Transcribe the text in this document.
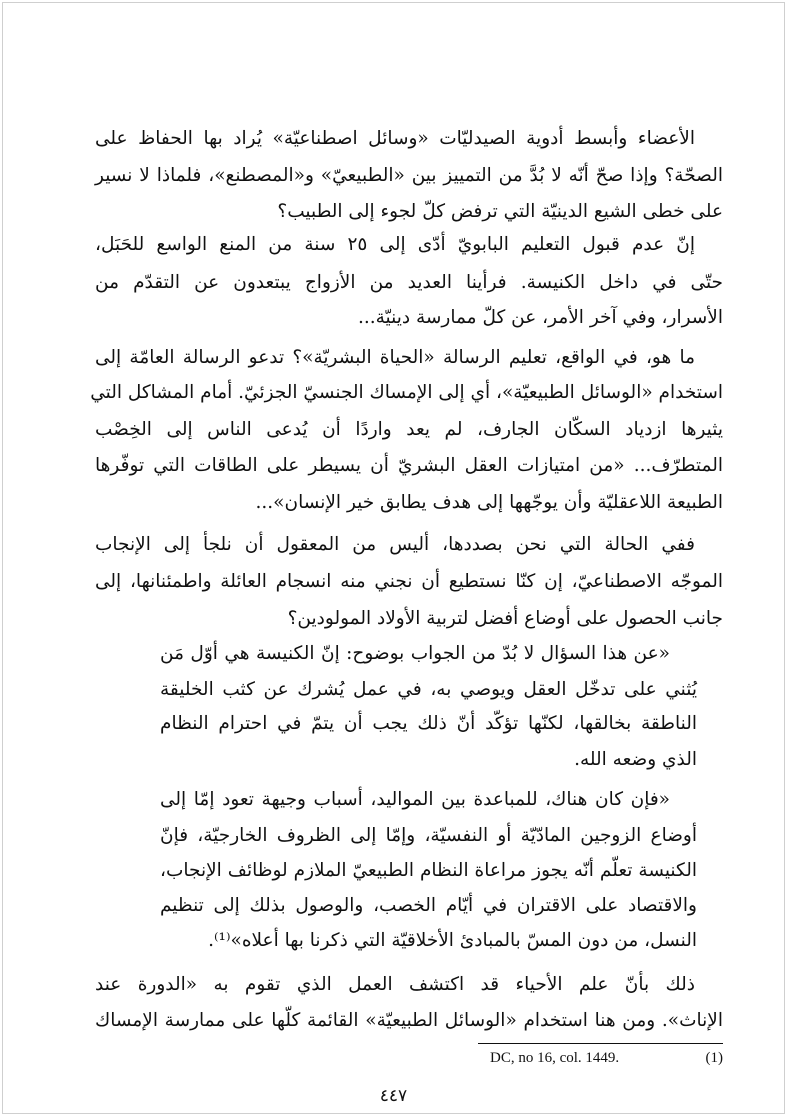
الأعضاء وأبسط أدوية الصيدليّات «وسائل اصطناعيّة» يُراد بها الحفاظ على
الصحّة؟ وإذا صحّ أنّه لا بُدَّ من التمييز بين «الطبيعيّ» و«المصطنع»، فلماذا لا نسير
على خطى الشيع الدينيّة التي ترفض كلّ لجوء إلى الطبيب؟
إنّ عدم قبول التعليم البابويّ أدّى إلى ٢٥ سنة من المنع الواسع للحَبَل،
حتّى في داخل الكنيسة. فرأينا العديد من الأزواج يبتعدون عن التقدّم من
الأسرار، وفي آخر الأمر، عن كلّ ممارسة دينيّة...
ما هو، في الواقع، تعليم الرسالة «الحياة البشريّة»؟ تدعو الرسالة العامّة إلى
استخدام «الوسائل الطبيعيّة»، أي إلى الإمساك الجنسيّ الجزئيّ. أمام المشاكل التي
يثيرها ازدياد السكّان الجارف، لم يعد واردًا أن يُدعى الناس إلى الخِصْب
المتطرّف... «من امتيازات العقل البشريّ أن يسيطر على الطاقات التي توفّرها
الطبيعة اللاعقليّة وأن يوجّهها إلى هدف يطابق خير الإنسان»...
ففي الحالة التي نحن بصددها، أليس من المعقول أن نلجأ إلى الإنجاب
الموجّه الاصطناعيّ، إن كنّا نستطيع أن نجني منه انسجام العائلة واطمئنانها، إلى
جانب الحصول على أوضاع أفضل لتربية الأولاد المولودين؟
«عن هذا السؤال لا بُدّ من الجواب بوضوح: إنّ الكنيسة هي أوّل مَن
يُثني على تدخّل العقل ويوصي به، في عمل يُشرك عن كثب الخليقة
الناطقة بخالقها، لكنّها تؤكّد أنّ ذلك يجب أن يتمّ في احترام النظام
الذي وضعه الله.
«فإن كان هناك، للمباعدة بين المواليد، أسباب وجيهة تعود إمّا إلى
أوضاع الزوجين المادّيّة أو النفسيّة، وإمّا إلى الظروف الخارجيّة، فإنّ
الكنيسة تعلّم أنّه يجوز مراعاة النظام الطبيعيّ الملازم لوظائف الإنجاب،
والاقتصاد على الاقتران في أيّام الخصب، والوصول بذلك إلى تنظيم
النسل، من دون المسّ بالمبادئ الأخلاقيّة التي ذكرنا بها أعلاه»⁽¹⁾.
ذلك بأنّ علم الأحياء قد اكتشف العمل الذي تقوم به «الدورة عند
الإناث». ومن هنا استخدام «الوسائل الطبيعيّة» القائمة كلّها على ممارسة الإمساك
DC, no 16, col. 1449.	(1)
٤٤٧
